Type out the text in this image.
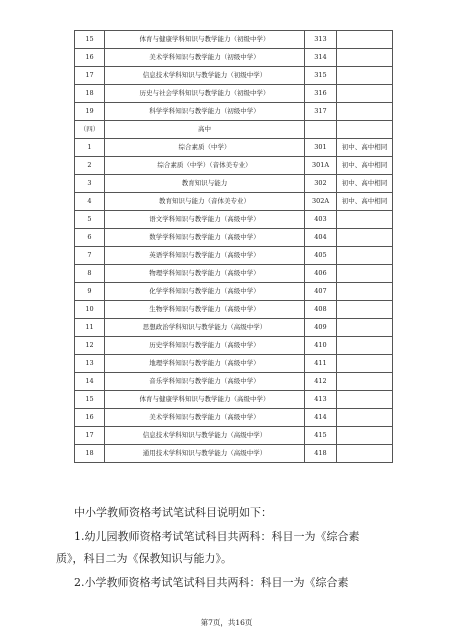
15	体育与健康学科知识与教学能力（初级中学）	313	
16	美术学科知识与教学能力（初级中学）	314	
17	信息技术学科知识与教学能力（初级中学）	315	
18	历史与社会学科知识与教学能力（初级中学）	316	
19	科学学科知识与教学能力（初级中学）	317	
（四）	高中		
1	综合素质（中学）	301	初中、高中相同
2	综合素质（中学）（音体美专业）	301A	初中、高中相同
3	教育知识与能力	302	初中、高中相同
4	教育知识与能力（音体美专业）	302A	初中、高中相同
5	语文学科知识与教学能力（高级中学）	403	
6	数学学科知识与教学能力（高级中学）	404	
7	英语学科知识与教学能力（高级中学）	405	
8	物理学科知识与教学能力（高级中学）	406	
9	化学学科知识与教学能力（高级中学）	407	
10	生物学科知识与教学能力（高级中学）	408	
11	思想政治学科知识与教学能力（高级中学）	409	
12	历史学科知识与教学能力（高级中学）	410	
13	地理学科知识与教学能力（高级中学）	411	
14	音乐学科知识与教学能力（高级中学）	412	
15	体育与健康学科知识与教学能力（高级中学）	413	
16	美术学科知识与教学能力（高级中学）	414	
17	信息技术学科知识与教学能力（高级中学）	415	
18	通用技术学科知识与教学能力（高级中学）	418	
中小学教师资格考试笔试科目说明如下：
1.幼儿园教师资格考试笔试科目共两科：科目一为《综合素
质》，科目二为《保教知识与能力》。
2.小学教师资格考试笔试科目共两科：科目一为《综合素
第7页，共16页
